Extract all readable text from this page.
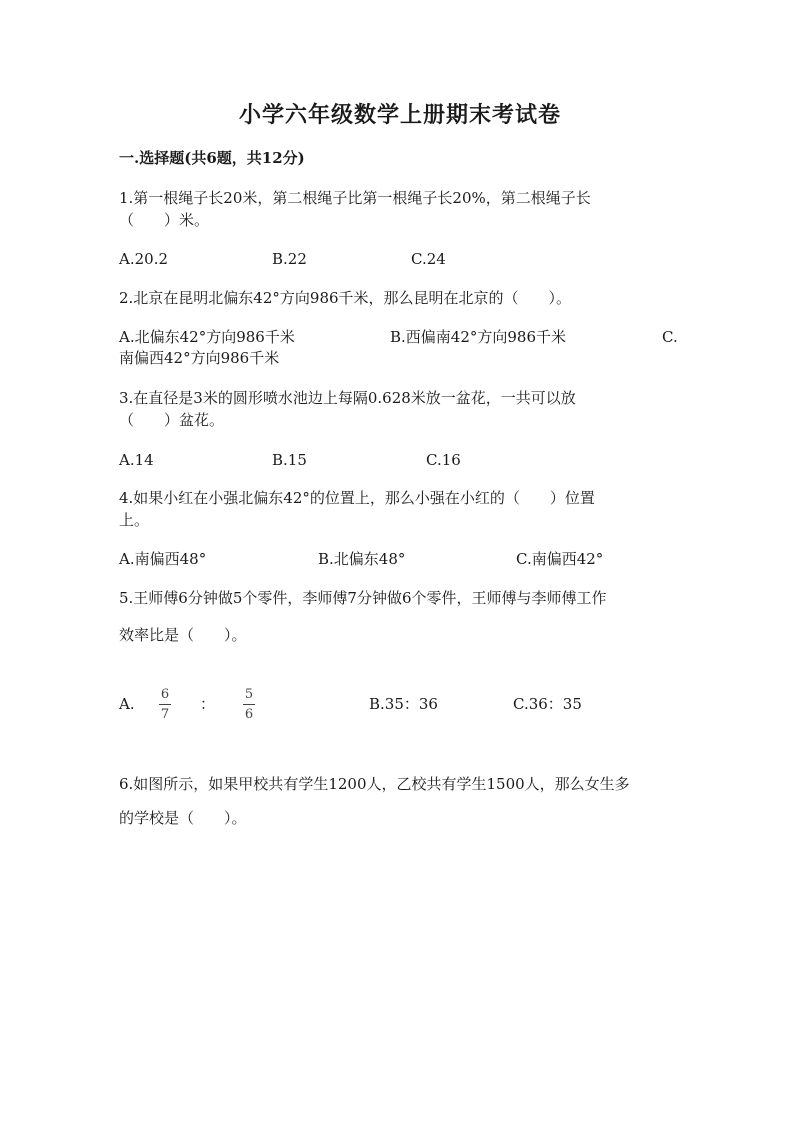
小学六年级数学上册期末考试卷
一.选择题(共6题，共12分)
1.第一根绳子长20米，第二根绳子比第一根绳子长20%，第二根绳子长
（　　）米。
A.20.2	B.22	C.24
2.北京在昆明北偏东42°方向986千米，那么昆明在北京的（　　）。
A.北偏东42°方向986千米	B.西偏南42°方向986千米	C.
南偏西42°方向986千米
3.在直径是3米的圆形喷水池边上每隔0.628米放一盆花，一共可以放
（　　）盆花。
A.14	B.15	C.16
4.如果小红在小强北偏东42°的位置上，那么小强在小红的（　　）位置
上。
A.南偏西48°	B.北偏东48°	C.南偏西42°
5.王师傅6分钟做5个零件，李师傅7分钟做6个零件，王师傅与李师傅工作
效率比是（　　）。
A.
6
7
：
5
6
B.35：36	C.36：35
6.如图所示，如果甲校共有学生1200人，乙校共有学生1500人，那么女生多
的学校是（　　）。
